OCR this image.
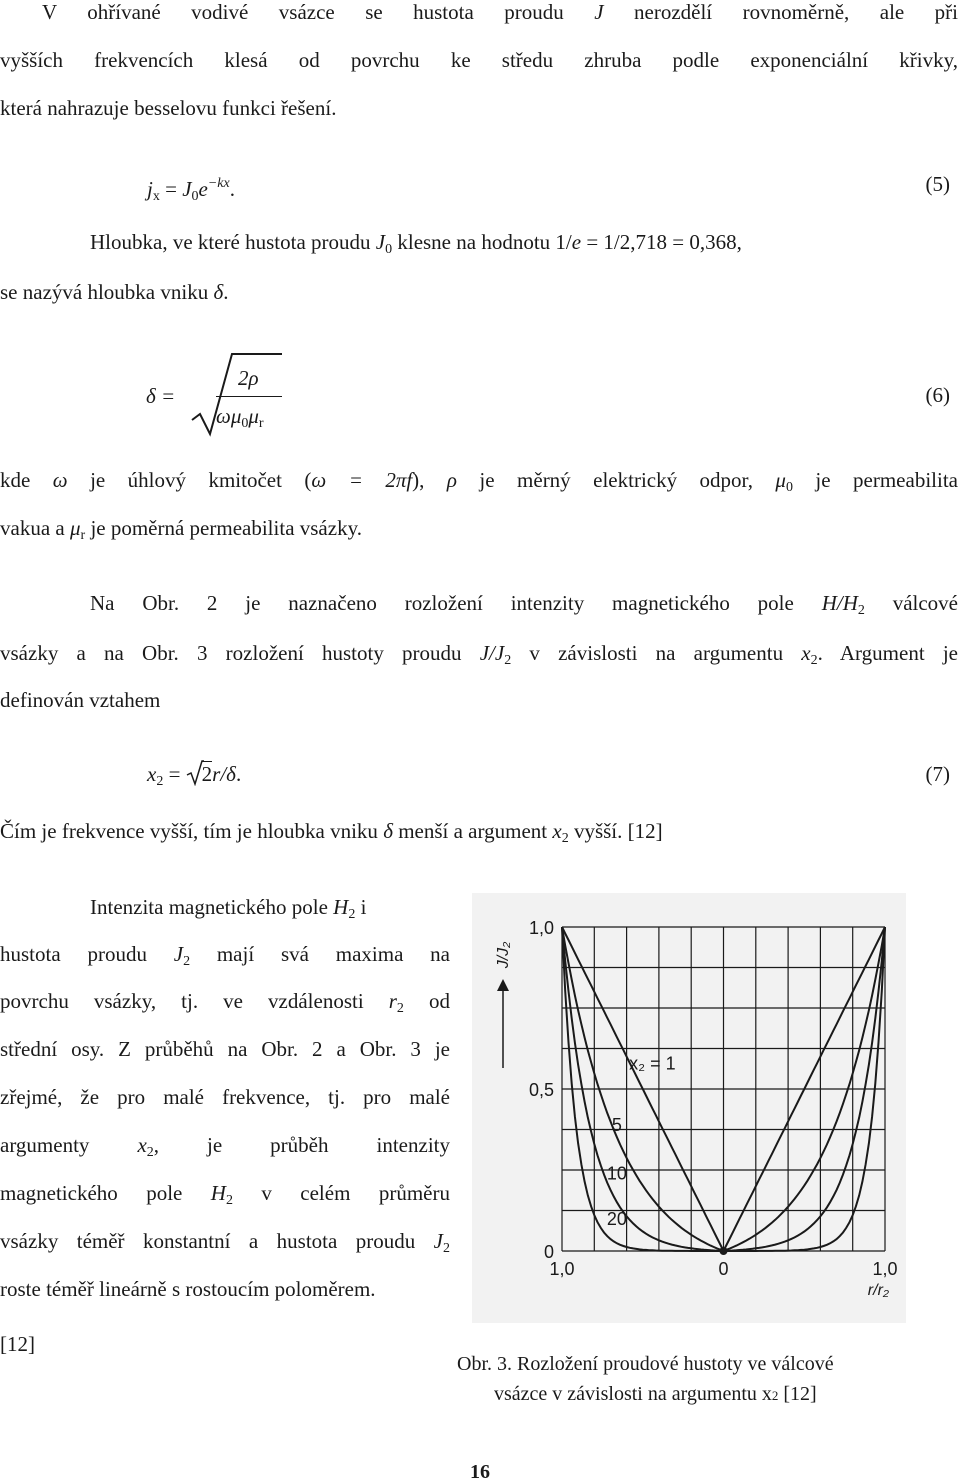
  V ohřívané vodivé vsázce se hustota proudu J nerozdělí rovnoměrně, ale při
vyšších frekvencích klesá od povrchu ke středu zhruba podle exponenciální křivky,
která nahrazuje besselovu funkci řešení.
$j_x = J_0e^{-kx}$.	(5)
Hloubka, ve které hustota proudu $J_0$ klesne na hodnotu 1/e = 1/2,718 = 0,368,
se nazývá hloubka vniku δ.
δ =
2ρ
$\omega\mu_0\mu_r$
(6)
kde ω je úhlový kmitočet (ω = 2πf), ρ je měrný elektrický odpor, $\mu_0$ je permeabilita
vakua a $\mu_r$ je poměrná permeabilita vsázky.
Na Obr. 2 je naznačeno rozložení intenzity magnetického pole $H/H_2$ válcové
vsázky a na Obr. 3 rozložení hustoty proudu $J/J_2$ v závislosti na argumentu $x_2$. Argument je
definován vztahem
$x_2$ =
2r/δ.	(7)
Čím je frekvence vyšší, tím je hloubka vniku δ menší a argument $x_2$ vyšší. [12]
Intenzita magnetického pole $H_2$ i
hustota proudu $J_2$ mají svá maxima na
povrchu vsázky, tj. ve vzdálenosti $r_2$ od
střední osy. Z průběhů na Obr. 2 a Obr. 3 je
zřejmé, že pro malé frekvence, tj. pro malé
argumenty $x_2$, je průběh intenzity
magnetického pole $H_2$ v celém průměru
vsázky téměř konstantní a hustota proudu $J_2$
roste téměř lineárně s rostoucím poloměrem.
[12]
1,0
0,5
0
1,0	0	1,0
r/r₂
J/J₂
x₂ = 1
5
10
20
Obr. 3. Rozložení proudové hustoty ve válcové
vsázce v závislosti na argumentu x2 [12]
16
